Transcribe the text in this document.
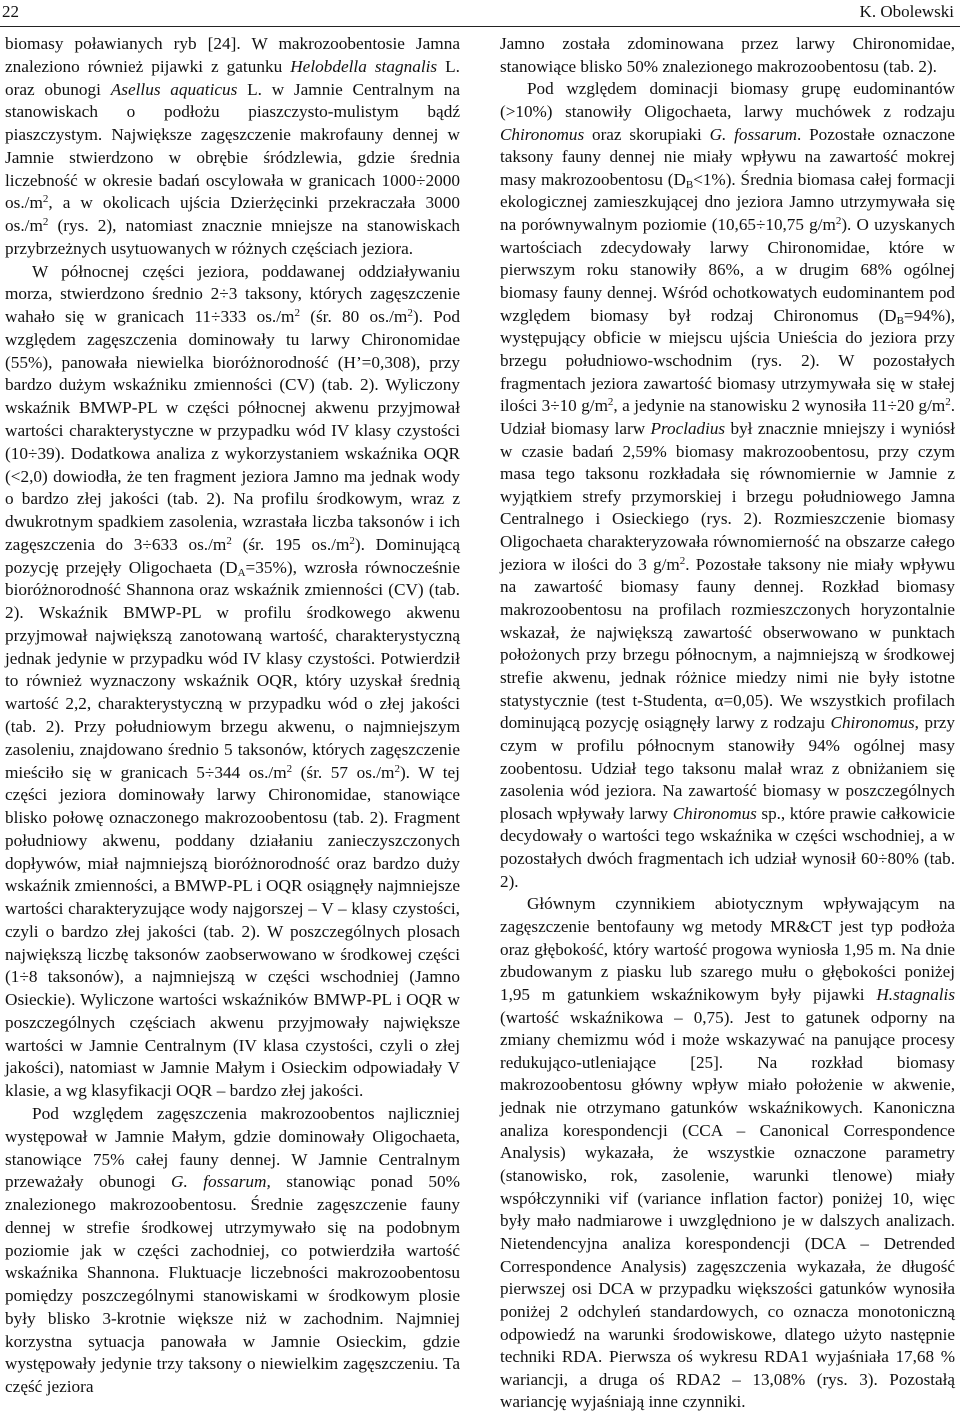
22	K. Obolewski

biomasy poławianych ryb [24]. W makrozoobentosie Jamna znaleziono również pijawki z gatunku Helobdella stagnalis L. oraz obunogi Asellus aquaticus L. w Jamnie Centralnym na stanowiskach o podłożu piaszczysto-mulistym bądź piaszczystym. Największe zagęszczenie makrofauny dennej w Jamnie stwierdzono w obrębie śródzlewia, gdzie średnia liczebność w okresie badań oscylowała w granicach 1000÷2000 $os./m^2$, a w okolicach ujścia Dzierżęcinki przekraczała 3000 $os./m^2$ (rys. 2), natomiast znacznie mniejsze na stanowiskach przybrzeżnych usytuowanych w różnych częściach jeziora.

W północnej części jeziora, poddawanej oddziaływaniu morza, stwierdzono średnio 2÷3 taksony, których zagęszczenie wahało się w granicach 11÷333 $os./m^2$ (śr. 80 $os./m^2$). Pod względem zagęszczenia dominowały tu larwy Chironomidae (55%), panowała niewielka bioróżnorodność (H’=0,308), przy bardzo dużym wskaźniku zmienności (CV) (tab. 2). Wyliczony wskaźnik BMWP-PL w części północnej akwenu przyjmował wartości charakterystyczne w przypadku wód IV klasy czystości (10÷39). Dodatkowa analiza z wykorzystaniem wskaźnika OQR (<2,0) dowiodła, że ten fragment jeziora Jamno ma jednak wody o bardzo złej jakości (tab. 2). Na profilu środkowym, wraz z dwukrotnym spadkiem zasolenia, wzrastała liczba taksonów i ich zagęszczenia do 3÷633 $os./m^2$ (śr. 195 $os./m^2$). Dominującą pozycję przejęły Oligochaeta $(D_A=35\%)$, wzrosła równocześnie bioróżnorodność Shannona oraz wskaźnik zmienności (CV) (tab. 2). Wskaźnik BMWP-PL w profilu środkowego akwenu przyjmował największą zanotowaną wartość, charakterystyczną jednak jedynie w przypadku wód IV klasy czystości. Potwierdził to również wyznaczony wskaźnik OQR, który uzyskał średnią wartość 2,2, charakterystyczną w przypadku wód o złej jakości (tab. 2). Przy południowym brzegu akwenu, o najmniejszym zasoleniu, znajdowano średnio 5 taksonów, których zagęszczenie mieściło się w granicach 5÷344 $os./m^2$ (śr. 57 $os./m^2$). W tej części jeziora dominowały larwy Chironomidae, stanowiące blisko połowę oznaczonego makrozoobentosu (tab. 2). Fragment południowy akwenu, poddany działaniu zanieczyszczonych dopływów, miał najmniejszą bioróżnorodność oraz bardzo duży wskaźnik zmienności, a BMWP-PL i OQR osiągnęły najmniejsze wartości charakteryzujące wody najgorszej – V – klasy czystości, czyli o bardzo złej jakości (tab. 2). W poszczególnych plosach największą liczbę taksonów zaobserwowano w środkowej części (1÷8 taksonów), a najmniejszą w części wschodniej (Jamno Osieckie). Wyliczone wartości wskaźników BMWP-PL i OQR w poszczególnych częściach akwenu przyjmowały największe wartości w Jamnie Centralnym (IV klasa czystości, czyli o złej jakości), natomiast w Jamnie Małym i Osieckim odpowiadały V klasie, a wg klasyfikacji OQR – bardzo złej jakości.

Pod względem zagęszczenia makrozoobentos najliczniej występował w Jamnie Małym, gdzie dominowały Oligochaeta, stanowiące 75% całej fauny dennej. W Jamnie Centralnym przeważały obunogi G. fossarum, stanowiąc ponad 50% znalezionego makrozoobentosu. Średnie zagęszczenie fauny dennej w strefie środkowej utrzymywało się na podobnym poziomie jak w części zachodniej, co potwierdziła wartość wskaźnika Shannona. Fluktuacje liczebności makrozoobentosu pomiędzy poszczególnymi stanowiskami w środkowym plosie były blisko 3-krotnie większe niż w zachodnim. Najmniej korzystna sytuacja panowała w Jamnie Osieckim, gdzie występowały jedynie trzy taksony o niewielkim zagęszczeniu. Ta część jeziora

Jamno została zdominowana przez larwy Chironomidae, stanowiące blisko 50% znalezionego makrozoobentosu (tab. 2).

Pod względem dominacji biomasy grupę eudominantów (>10%) stanowiły Oligochaeta, larwy muchówek z rodzaju Chironomus oraz skorupiaki G. fossarum. Pozostałe oznaczone taksony fauny dennej nie miały wpływu na zawartość mokrej masy makrozoobentosu $(D_B<1\%)$. Średnia biomasa całej formacji ekologicznej zamieszkującej dno jeziora Jamno utrzymywała się na porównywalnym poziomie (10,65÷10,75 $g/m^2$). O uzyskanych wartościach zdecydowały larwy Chironomidae, które w pierwszym roku stanowiły 86%, a w drugim 68% ogólnej biomasy fauny dennej. Wśród ochotkowatych eudominantem pod względem biomasy był rodzaj Chironomus $(D_B=94\%)$, występujący obficie w miejscu ujścia Unieścia do jeziora przy brzegu południowo-wschodnim (rys. 2). W pozostałych fragmentach jeziora zawartość biomasy utrzymywała się w stałej ilości 3÷10 $g/m^2$, a jedynie na stanowisku 2 wynosiła 11÷20 $g/m^2$. Udział biomasy larw Procladius był znacznie mniejszy i wyniósł w czasie badań 2,59% biomasy makrozoobentosu, przy czym masa tego taksonu rozkładała się równomiernie w Jamnie z wyjątkiem strefy przymorskiej i brzegu południowego Jamna Centralnego i Osieckiego (rys. 2). Rozmieszczenie biomasy Oligochaeta charakteryzowała równomierność na obszarze całego jeziora w ilości do 3 $g/m^2$. Pozostałe taksony nie miały wpływu na zawartość biomasy fauny dennej. Rozkład biomasy makrozoobentosu na profilach rozmieszczonych horyzontalnie wskazał, że największą zawartość obserwowano w punktach położonych przy brzegu północnym, a najmniejszą w środkowej strefie akwenu, jednak różnice miedzy nimi nie były istotne statystycznie (test t-Studenta, α=0,05). We wszystkich profilach dominującą pozycję osiągnęły larwy z rodzaju Chironomus, przy czym w profilu północnym stanowiły 94% ogólnej masy zoobentosu. Udział tego taksonu malał wraz z obniżaniem się zasolenia wód jeziora. Na zawartość biomasy w poszczególnych plosach wpływały larwy Chironomus sp., które prawie całkowicie decydowały o wartości tego wskaźnika w części wschodniej, a w pozostałych dwóch fragmentach ich udział wynosił 60÷80% (tab. 2).

Głównym czynnikiem abiotycznym wpływającym na zagęszczenie bentofauny wg metody MR&CT jest typ podłoża oraz głębokość, który wartość progowa wyniosła 1,95 m. Na dnie zbudowanym z piasku lub szarego mułu o głębokości poniżej 1,95 m gatunkiem wskaźnikowym były pijawki H.stagnalis (wartość wskaźnikowa – 0,75). Jest to gatunek odporny na zmiany chemizmu wód i może wskazywać na panujące procesy redukująco-utleniające [25]. Na rozkład biomasy makrozoobentosu główny wpływ miało położenie w akwenie, jednak nie otrzymano gatunków wskaźnikowych. Kanoniczna analiza korespondencji (CCA – Canonical Correspondence Analysis) wykazała, że wszystkie oznaczone parametry (stanowisko, rok, zasolenie, warunki tlenowe) miały współczynniki vif (variance inflation factor) poniżej 10, więc były mało nadmiarowe i uwzględniono je w dalszych analizach. Nietendencyjna analiza korespondencji (DCA – Detrended Correspondence Analysis) zagęszczenia wykazała, że długość pierwszej osi DCA w przypadku większości gatunków wynosiła poniżej 2 odchyleń standardowych, co oznacza monotoniczną odpowiedź na warunki środowiskowe, dlatego użyto następnie techniki RDA. Pierwsza oś wykresu RDA1 wyjaśniała 17,68 % wariancji, a druga oś RDA2 – 13,08% (rys. 3). Pozostałą wariancję wyjaśniają inne czynniki.
